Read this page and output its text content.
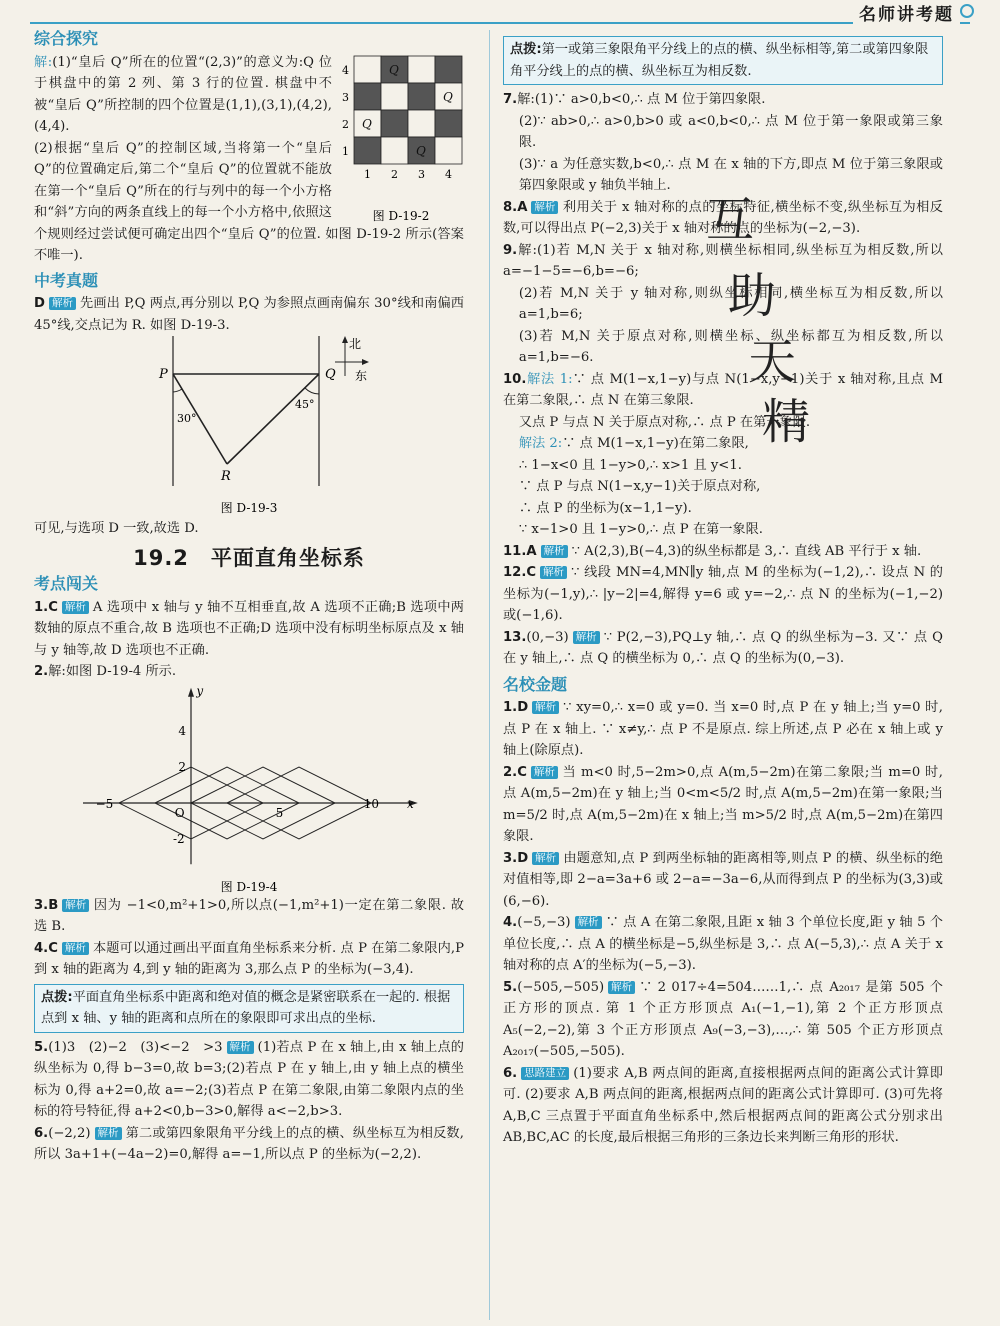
名师讲考题
综合探究
4
3
2
1
1 2 3 4
Q
Q
Q
Q
图 D-19-2

解:(1)“皇后 Q”所在的位置“(2,3)”的意义为:Q 位于棋盘中的第 2 列、第 3 行的位置. 棋盘中不被“皇后 Q”所控制的四个位置是(1,1),(3,1),(4,2),(4,4).

(2)根据“皇后 Q”的控制区域,当将第一个“皇后 Q”的位置确定后,第二个“皇后 Q”的位置就不能放在第一个“皇后 Q”所在的行与列中的每一个小方格和“斜”方向的两条直线上的每一个小方格中,依照这个规则经过尝试便可确定出四个“皇后 Q”的位置. 如图 D-19-2 所示(答案不唯一).

中考真题

D 解析 先画出 P,Q 两点,再分别以 P,Q 为参照点画南偏东 30°线和南偏西 45°线,交点记为 R. 如图 D-19-3.

P	Q
R
30°
45°
北
东
图 D-19-3

可见,与选项 D 一致,故选 D.

19.2　平面直角坐标系
考点闯关

1.C 解析 A 选项中 x 轴与 y 轴不互相垂直,故 A 选项不正确;B 选项中两数轴的原点不重合,故 B 选项也不正确;D 选项中没有标明坐标原点及 x 轴与 y 轴等,故 D 选项也不正确.

2.解:如图 D-19-4 所示.

4
2
-2
−5
O	5
10
y
x
图 D-19-4

3.B 解析 因为 −1<0,m²+1>0,所以点(−1,m²+1)一定在第二象限. 故选 B.

4.C 解析 本题可以通过画出平面直角坐标系来分析. 点 P 在第二象限内,P 到 x 轴的距离为 4,到 y 轴的距离为 3,那么点 P 的坐标为(−3,4).

点拨:平面直角坐标系中距离和绝对值的概念是紧密联系在一起的. 根据点到 x 轴、y 轴的距离和点所在的象限即可求出点的坐标.

5.(1)3　(2)−2　(3)<−2　>3 解析 (1)若点 P 在 x 轴上,由 x 轴上点的纵坐标为 0,得 b−3=0,故 b=3;(2)若点 P 在 y 轴上,由 y 轴上点的横坐标为 0,得 a+2=0,故 a=−2;(3)若点 P 在第二象限,由第二象限内点的坐标的符号特征,得 a+2<0,b−3>0,解得 a<−2,b>3.

6.(−2,2) 解析 第二或第四象限角平分线上的点的横、纵坐标互为相反数,所以 3a+1+(−4a−2)=0,解得 a=−1,所以点 P 的坐标为(−2,2).

点拨:第一或第三象限角平分线上的点的横、纵坐标相等,第二或第四象限角平分线上的点的横、纵坐标互为相反数.

7.解:(1)∵ a>0,b<0,∴ 点 M 位于第四象限.

(2)∵ ab>0,∴ a>0,b>0 或 a<0,b<0,∴ 点 M 位于第一象限或第三象限.

(3)∵ a 为任意实数,b<0,∴ 点 M 在 x 轴的下方,即点 M 位于第三象限或第四象限或 y 轴负半轴上.

8.A 解析 利用关于 x 轴对称的点的坐标特征,横坐标不变,纵坐标互为相反数,可以得出点 P(−2,3)关于 x 轴对称的点的坐标为(−2,−3).

9.解:(1)若 M,N 关于 x 轴对称,则横坐标相同,纵坐标互为相反数,所以 a=−1−5=−6,b=−6;

(2)若 M,N 关于 y 轴对称,则纵坐标相同,横坐标互为相反数,所以 a=1,b=6;

(3)若 M,N 关于原点对称,则横坐标、纵坐标都互为相反数,所以 a=1,b=−6.

10.解法 1:∵ 点 M(1−x,1−y)与点 N(1−x,y−1)关于 x 轴对称,且点 M 在第二象限,∴ 点 N 在第三象限.

又点 P 与点 N 关于原点对称,∴ 点 P 在第一象限.

解法 2:∵ 点 M(1−x,1−y)在第二象限,

∴ 1−x<0 且 1−y>0,∴ x>1 且 y<1.

∵ 点 P 与点 N(1−x,y−1)关于原点对称,

∴ 点 P 的坐标为(x−1,1−y).

∵ x−1>0 且 1−y>0,∴ 点 P 在第一象限.

11.A 解析 ∵ A(2,3),B(−4,3)的纵坐标都是 3,∴ 直线 AB 平行于 x 轴.

12.C 解析 ∵ 线段 MN=4,MN∥y 轴,点 M 的坐标为(−1,2),∴ 设点 N 的坐标为(−1,y),∴ |y−2|=4,解得 y=6 或 y=−2,∴ 点 N 的坐标为(−1,−2)或(−1,6).

13.(0,−3) 解析 ∵ P(2,−3),PQ⊥y 轴,∴ 点 Q 的纵坐标为−3. 又∵ 点 Q 在 y 轴上,∴ 点 Q 的横坐标为 0,∴ 点 Q 的坐标为(0,−3).

名校金题

1.D 解析 ∵ xy=0,∴ x=0 或 y=0. 当 x=0 时,点 P 在 y 轴上;当 y=0 时,点 P 在 x 轴上. ∵ x≠y,∴ 点 P 不是原点. 综上所述,点 P 必在 x 轴上或 y 轴上(除原点).

2.C 解析 当 m<0 时,5−2m>0,点 A(m,5−2m)在第二象限;当 m=0 时,点 A(m,5−2m)在 y 轴上;当 0<m<5/2 时,点 A(m,5−2m)在第一象限;当 m=5/2 时,点 A(m,5−2m)在 x 轴上;当 m>5/2 时,点 A(m,5−2m)在第四象限.

3.D 解析 由题意知,点 P 到两坐标轴的距离相等,则点 P 的横、纵坐标的绝对值相等,即 2−a=3a+6 或 2−a=−3a−6,从而得到点 P 的坐标为(3,3)或(6,−6).

4.(−5,−3) 解析 ∵ 点 A 在第二象限,且距 x 轴 3 个单位长度,距 y 轴 5 个单位长度,∴ 点 A 的横坐标是−5,纵坐标是 3,∴ 点 A(−5,3),∴ 点 A 关于 x 轴对称的点 A′的坐标为(−5,−3).

5.(−505,−505) 解析 ∵ 2 017÷4=504……1,∴ 点 A₂₀₁₇ 是第 505 个正方形的顶点. 第 1 个正方形顶点 A₁(−1,−1),第 2 个正方形顶点 A₅(−2,−2),第 3 个正方形顶点 A₉(−3,−3),…,∴ 第 505 个正方形顶点 A₂₀₁₇(−505,−505).

6. 思路建立 (1)要求 A,B 两点间的距离,直接根据两点间的距离公式计算即可. (2)要求 A,B 两点间的距离,根据两点间的距离公式计算即可. (3)可先将 A,B,C 三点置于平面直角坐标系中,然后根据两点间的距离公式分别求出 AB,BC,AC 的长度,最后根据三角形的三条边长来判断三角形的形状.

互
助
天
精
